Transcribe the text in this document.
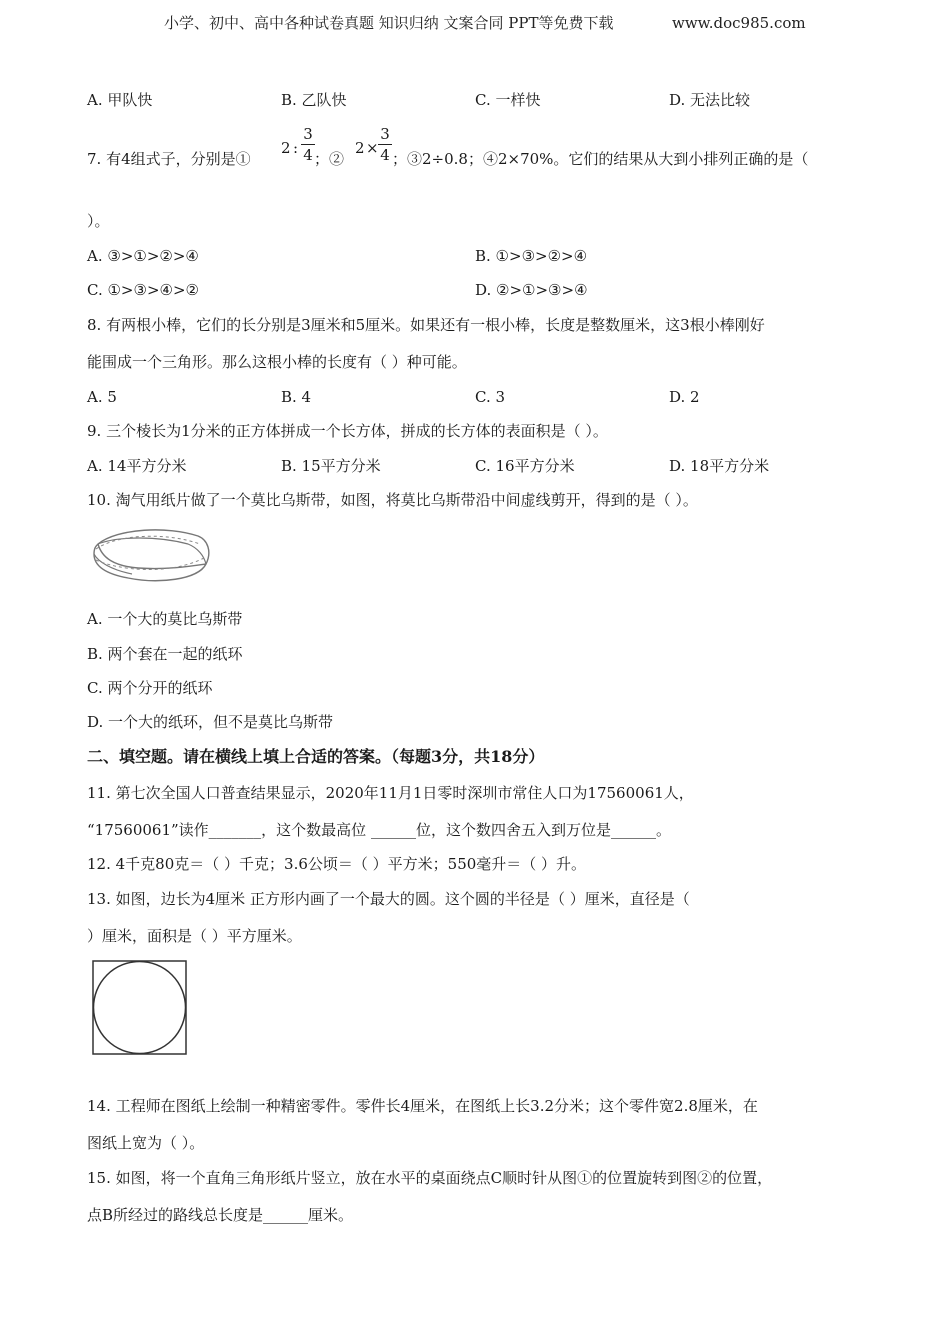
小学、初中、高中各种试卷真题 知识归纳 文案合同 PPT等免费下载	www.doc985.com
A. 甲队快	B. 乙队快	C. 一样快	D. 无法比较
7. 有4组式子，分别是①
2 :
3
4 ；②
2 ×
3
4 ；③2÷0.8；④2×70%。它们的结果从大到小排列正确的是（
）。
A. ③>①>②>④	B. ①>③>②>④
C. ①>③>④>②	D. ②>①>③>④
8. 有两根小棒，它们的长分别是3厘米和5厘米。如果还有一根小棒，长度是整数厘米，这3根小棒刚好
能围成一个三角形。那么这根小棒的长度有（ ）种可能。
A. 5	B. 4	C. 3	D. 2
9. 三个棱长为1分米的正方体拼成一个长方体，拼成的长方体的表面积是（ ）。
A. 14平方分米	B. 15平方分米	C. 16平方分米	D. 18平方分米
10. 淘气用纸片做了一个莫比乌斯带，如图，将莫比乌斯带沿中间虚线剪开，得到的是（ ）。
A. 一个大的莫比乌斯带
B. 两个套在一起的纸环
C. 两个分开的纸环
D. 一个大的纸环，但不是莫比乌斯带
二、填空题。请在横线上填上合适的答案。（每题3分，共18分）
11. 第七次全国人口普查结果显示，2020年11月1日零时深圳市常住人口为17560061人，
“17560061”读作_______，这个数最高位 ______位，这个数四舍五入到万位是______。
12. 4千克80克＝（ ）千克；3.6公顷＝（ ）平方米；550毫升＝（ ）升。
13. 如图，边长为4厘米 正方形内画了一个最大的圆。这个圆的半径是（ ）厘米，直径是（
）厘米，面积是（ ）平方厘米。
14. 工程师在图纸上绘制一种精密零件。零件长4厘米，在图纸上长3.2分米；这个零件宽2.8厘米，在
图纸上宽为（ ）。
15. 如图，将一个直角三角形纸片竖立，放在水平的桌面绕点C顺时针从图①的位置旋转到图②的位置，
点B所经过的路线总长度是______厘米。
